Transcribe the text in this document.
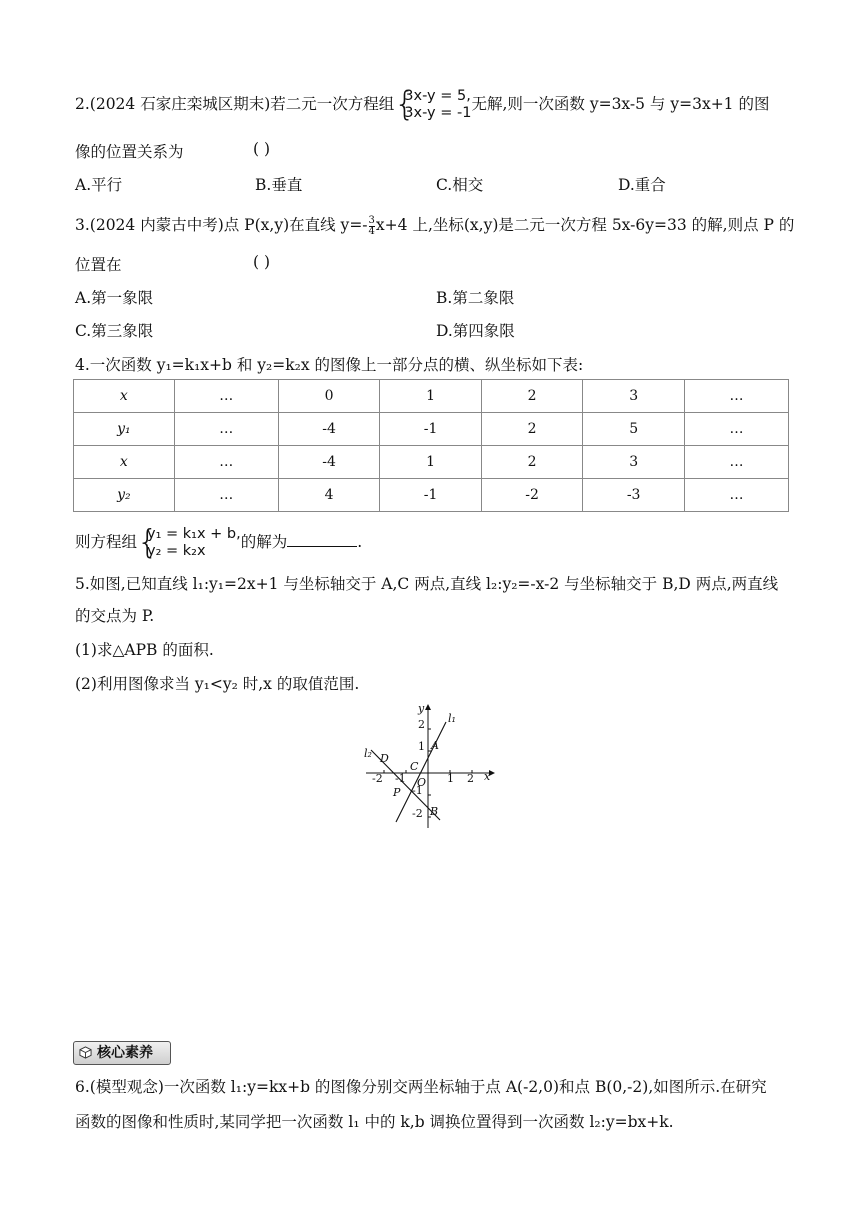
2.(2024 石家庄栾城区期末)若二元一次方程组 {
3x-y = 5,
3x-y = -1 无解,则一次函数 y=3x-5 与 y=3x+1 的图
像的位置关系为	( )
A.平行	B.垂直	C.相交	D.重合
3.(2024 内蒙古中考)点 P(x,y)在直线 $y=- \frac{3}{4} x+4$ 上,坐标(x,y)是二元一次方程 5x-6y=33 的解,则点 P 的
位置在	( )
A.第一象限	B.第二象限
C.第三象限	D.第四象限
4.一次函数 y₁=k₁x+b 和 y₂=k₂x 的图像上一部分点的横、纵坐标如下表:
x	…	0	1	2	3	…
y₁	…	-4	-1	2	5	…
x	…	-4	1	2	3	…
y₂	…	4	-1	-2	-3	…
则方程组 {
y₁ = k₁x + b,
y₂ = k₂x	的解为	.
5.如图,已知直线 l₁:y₁=2x+1 与坐标轴交于 A,C 两点,直线 l₂:y₂=-x-2 与坐标轴交于 B,D 两点,两直线
的交点为 P.
(1)求△APB 的面积.
(2)利用图像求当 y₁<y₂ 时,x 的取值范围.
y
x
O
l₁
l₂
A
C
D
P
B
-2 -1	1 2
2
1
-1
-2
核心素养
6.(模型观念)一次函数 l₁:y=kx+b 的图像分别交两坐标轴于点 A(-2,0)和点 B(0,-2),如图所示.在研究
函数的图像和性质时,某同学把一次函数 l₁ 中的 k,b 调换位置得到一次函数 l₂:y=bx+k.
